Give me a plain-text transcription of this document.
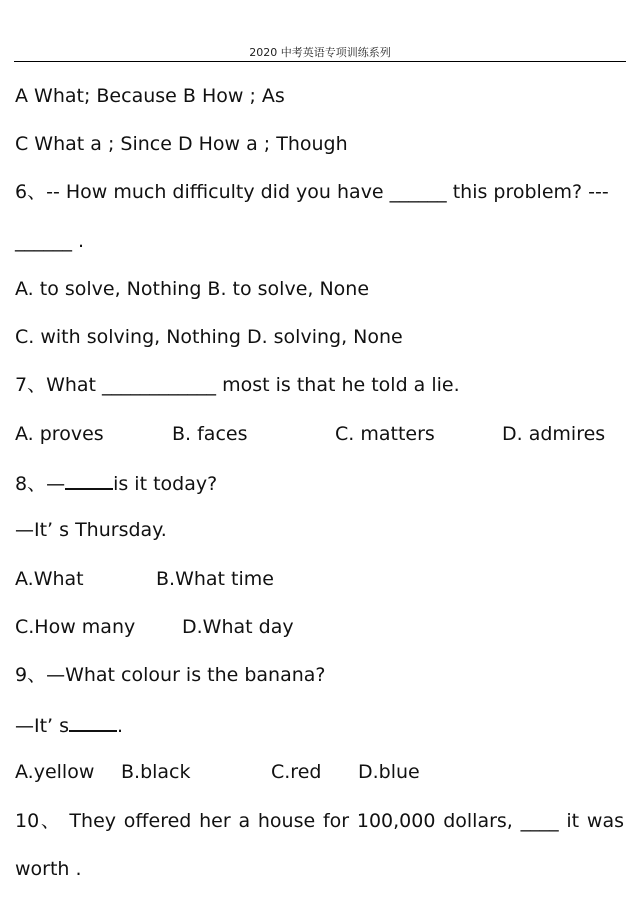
2020 中考英语专项训练系列
A What; Because B How ; As
C What a ; Since D How a ; Though
6、-- How much difficulty did you have ______ this problem? ---
______ .
A. to solve, Nothing B. to solve, None
C. with solving, Nothing D. solving, None
7、What ____________ most is that he told a lie.
A. proves	B. faces	C. matters	D. admires
8、—	is it today?
—It’ s Thursday.
A.What	B.What time
C.How many D.What day
9、—What colour is the banana?
—It’ s	.
A.yellow B.black	C.red D.blue
10、 They offered her a house for 100,000 dollars, ____ it was
worth .
